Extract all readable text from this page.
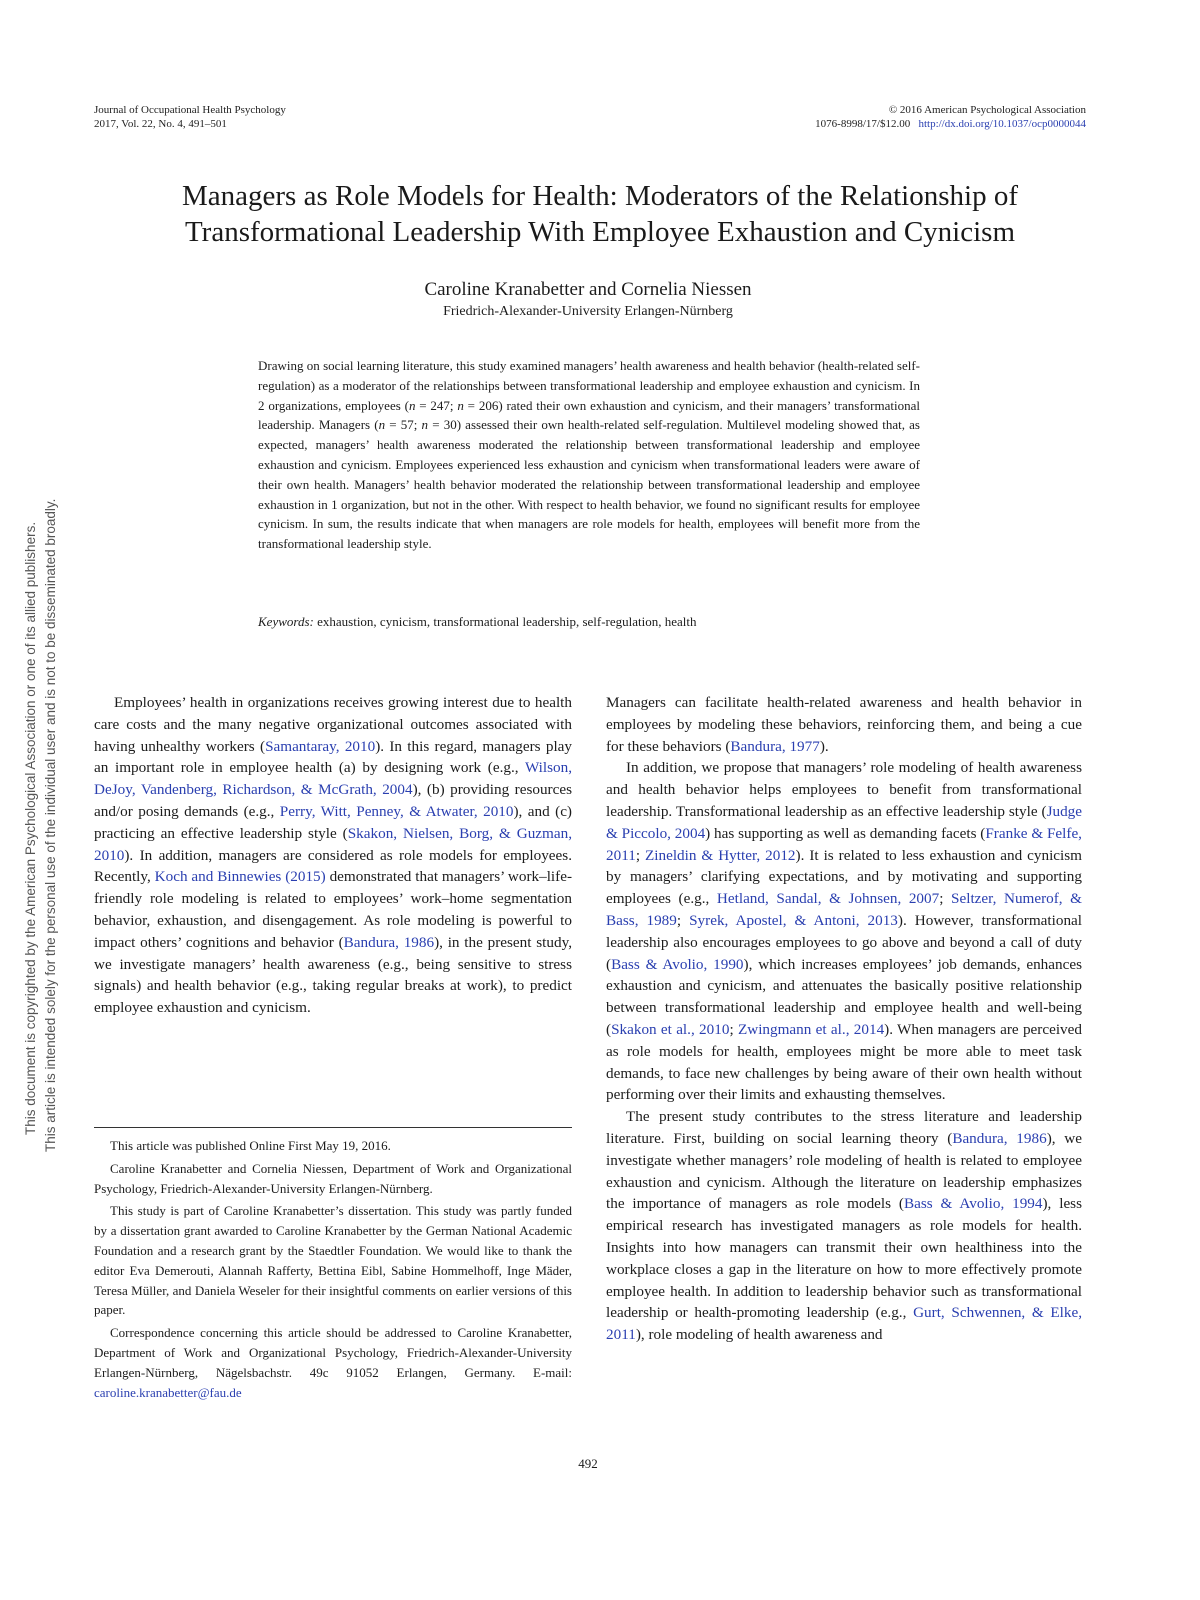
Journal of Occupational Health Psychology
2017, Vol. 22, No. 4, 491–501
© 2016 American Psychological Association
1076-8998/17/$12.00 http://dx.doi.org/10.1037/ocp0000044
Managers as Role Models for Health: Moderators of the Relationship of
Transformational Leadership With Employee Exhaustion and Cynicism
Caroline Kranabetter and Cornelia Niessen
Friedrich-Alexander-University Erlangen-Nürnberg

Drawing on social learning literature, this study examined managers’ health awareness and health behavior (health-related self-regulation) as a moderator of the relationships between transformational leadership and employee exhaustion and cynicism. In 2 organizations, employees (n = 247; n = 206) rated their own exhaustion and cynicism, and their managers’ transformational leadership. Managers (n = 57; n = 30) assessed their own health-related self-regulation. Multilevel modeling showed that, as expected, managers’ health awareness moderated the relationship between transformational leadership and employee exhaustion and cynicism. Employees experienced less exhaustion and cynicism when transformational leaders were aware of their own health. Managers’ health behavior moderated the relationship between transformational leadership and employee exhaustion in 1 organization, but not in the other. With respect to health behavior, we found no significant results for employee cynicism. In sum, the results indicate that when managers are role models for health, employees will benefit more from the transformational leadership style.

Keywords: exhaustion, cynicism, transformational leadership, self-regulation, health
This document is copyrighted by the American Psychological Association or one of its allied publishers. This article is intended solely for the personal use of the individual user and is not to be disseminated broadly.	Employees’ health in organizations receives growing interest due to health care costs and the many negative organizational outcomes associated with having unhealthy workers (Samantaray, 2010). In this regard, managers play an important role in employee health (a) by designing work (e.g., Wilson, DeJoy, Vandenberg, Richardson, & McGrath, 2004), (b) providing resources and/or posing demands (e.g., Perry, Witt, Penney, & Atwater, 2010), and (c) practicing an effective leadership style (Skakon, Nielsen, Borg, & Guzman, 2010). In addition, managers are considered as role models for employees. Recently, Koch and Binnewies (2015) demonstrated that managers’ work–life-friendly role modeling is related to employees’ work–home segmentation behavior, exhaustion, and disengagement. As role modeling is powerful to impact others’ cognitions and behavior (Bandura, 1986), in the present study, we investigate managers’ health awareness (e.g., being sensitive to stress signals) and health behavior (e.g., taking regular breaks at work), to predict employee exhaustion and cynicism.

This article was published Online First May 19, 2016.

Caroline Kranabetter and Cornelia Niessen, Department of Work and Organizational Psychology, Friedrich-Alexander-University Erlangen-Nürnberg.

This study is part of Caroline Kranabetter’s dissertation. This study was partly funded by a dissertation grant awarded to Caroline Kranabetter by the German National Academic Foundation and a research grant by the Staedtler Foundation. We would like to thank the editor Eva Demerouti, Alannah Rafferty, Bettina Eibl, Sabine Hommelhoff, Inge Mäder, Teresa Müller, and Daniela Weseler for their insightful comments on earlier versions of this paper.

Correspondence concerning this article should be addressed to Caroline Kranabetter, Department of Work and Organizational Psychology, Friedrich-Alexander-University Erlangen-Nürnberg, Nägelsbachstr. 49c 91052 Erlangen, Germany. E-mail: caroline.kranabetter@fau.de

Managers can facilitate health-related awareness and health behavior in employees by modeling these behaviors, reinforcing them, and being a cue for these behaviors (Bandura, 1977).

In addition, we propose that managers’ role modeling of health awareness and health behavior helps employees to benefit from transformational leadership. Transformational leadership as an effective leadership style (Judge & Piccolo, 2004) has supporting as well as demanding facets (Franke & Felfe, 2011; Zineldin & Hytter, 2012). It is related to less exhaustion and cynicism by managers’ clarifying expectations, and by motivating and supporting employees (e.g., Hetland, Sandal, & Johnsen, 2007; Seltzer, Numerof, & Bass, 1989; Syrek, Apostel, & Antoni, 2013). However, transformational leadership also encourages employees to go above and beyond a call of duty (Bass & Avolio, 1990), which increases employees’ job demands, enhances exhaustion and cynicism, and attenuates the basically positive relationship between transformational leadership and employee health and well-being (Skakon et al., 2010; Zwingmann et al., 2014). When managers are perceived as role models for health, employees might be more able to meet task demands, to face new challenges by being aware of their own health without performing over their limits and exhausting themselves.

The present study contributes to the stress literature and leadership literature. First, building on social learning theory (Bandura, 1986), we investigate whether managers’ role modeling of health is related to employee exhaustion and cynicism. Although the literature on leadership emphasizes the importance of managers as role models (Bass & Avolio, 1994), less empirical research has investigated managers as role models for health. Insights into how managers can transmit their own healthiness into the workplace closes a gap in the literature on how to more effectively promote employee health. In addition to leadership behavior such as transformational leadership or health-promoting leadership (e.g., Gurt, Schwennen, & Elke, 2011), role modeling of health awareness and

492
